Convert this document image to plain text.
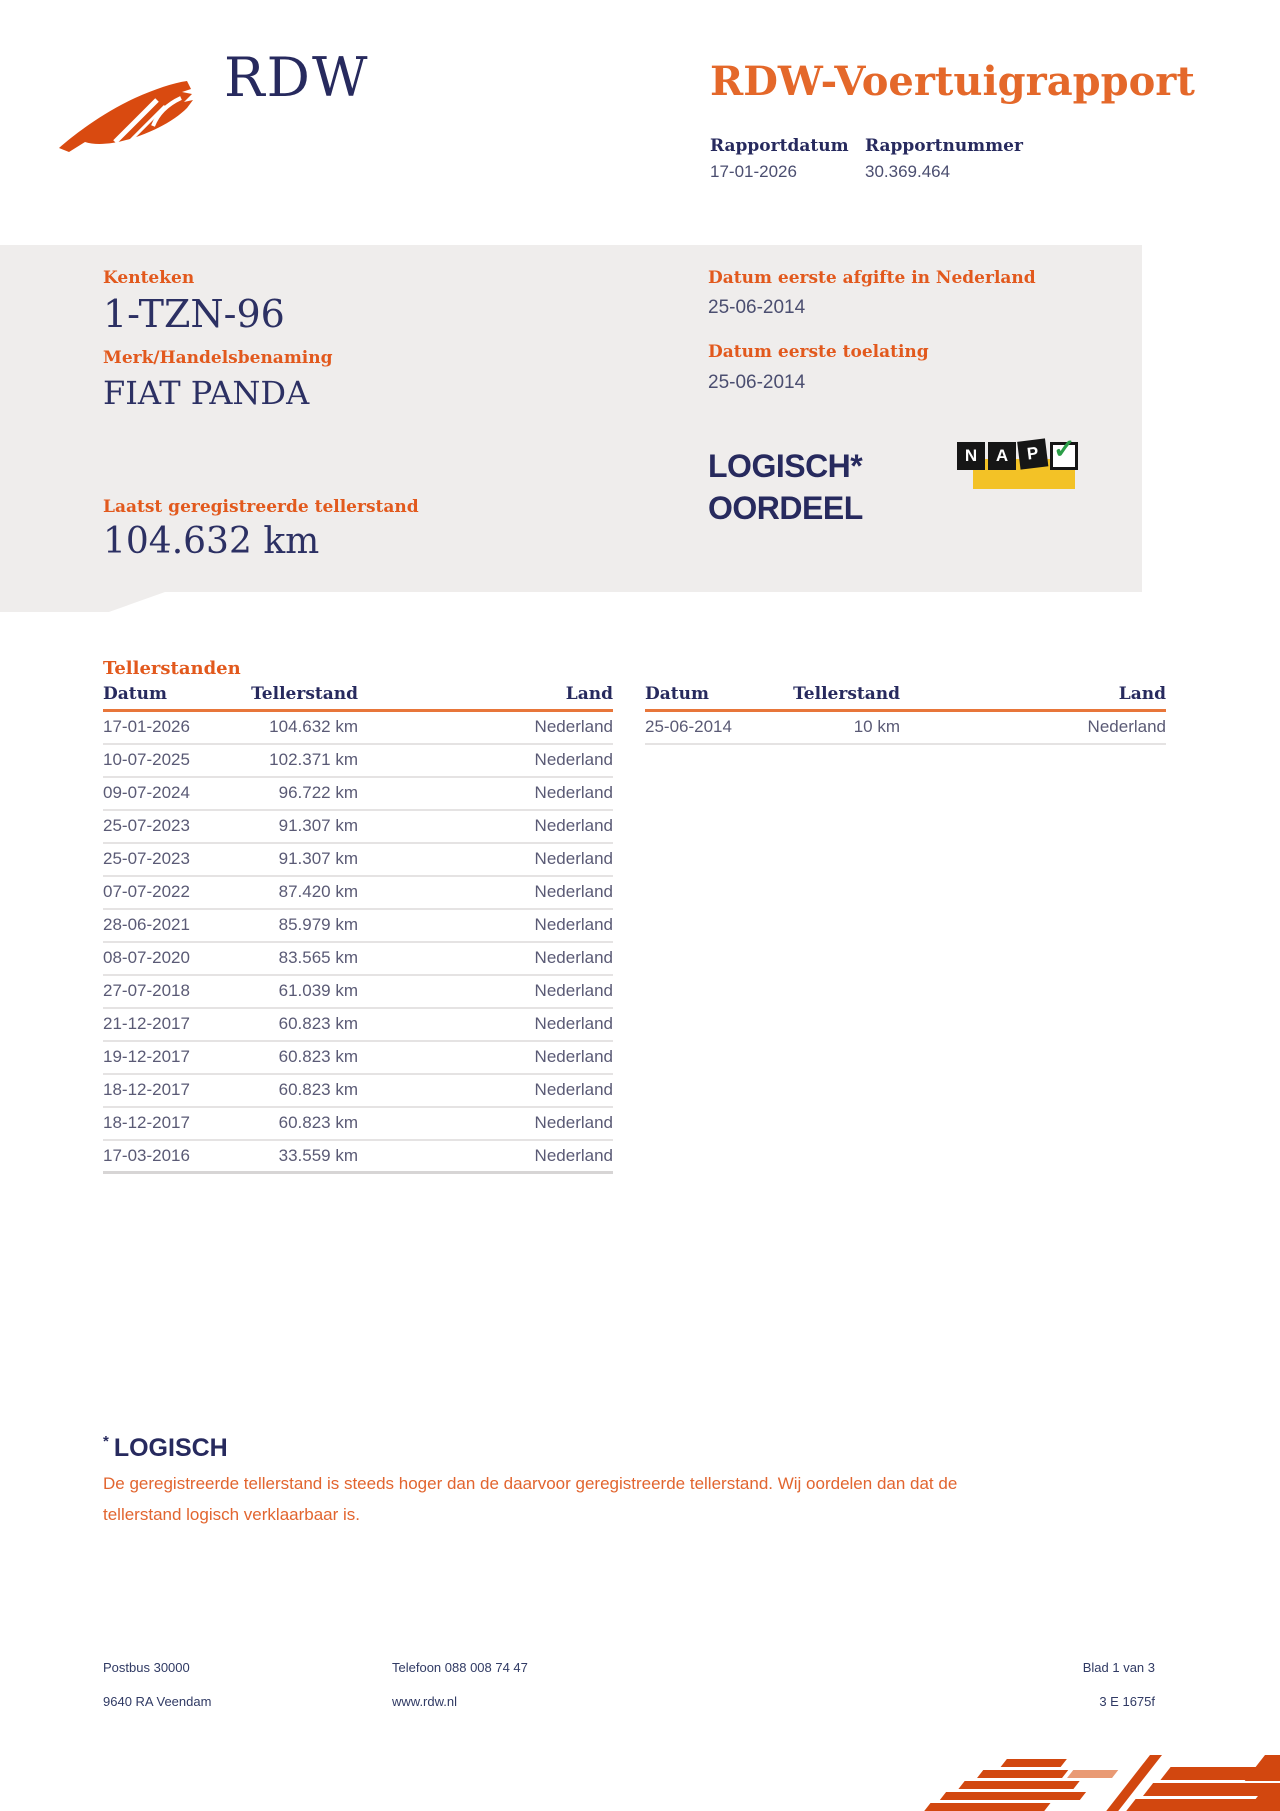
RDW	RDW-Voertuigrapport
Rapportdatum Rapportnummer
17-01-2026	30.369.464
Kenteken
1-TZN-96
Merk/Handelsbenaming
FIAT PANDA
Datum eerste afgifte in Nederland
25-06-2014
Datum eerste toelating
25-06-2014
LOGISCH*
OORDEEL
N	A	P ✓
Laatst geregistreerde tellerstand
104.632 km
Tellerstanden
Datum	Tellerstand	Land
17-01-2026	104.632 km	Nederland
10-07-2025	102.371 km	Nederland
09-07-2024	96.722 km	Nederland
25-07-2023	91.307 km	Nederland
25-07-2023	91.307 km	Nederland
07-07-2022	87.420 km	Nederland
28-06-2021	85.979 km	Nederland
08-07-2020	83.565 km	Nederland
27-07-2018	61.039 km	Nederland
21-12-2017	60.823 km	Nederland
19-12-2017	60.823 km	Nederland
18-12-2017	60.823 km	Nederland
18-12-2017	60.823 km	Nederland
17-03-2016	33.559 km	Nederland
Datum	Tellerstand	Land
25-06-2014	10 km	Nederland
* LOGISCH
De geregistreerde tellerstand is steeds hoger dan de daarvoor geregistreerde tellerstand. Wij oordelen dan dat de tellerstand logisch verklaarbaar is.
Postbus 30000
9640 RA Veendam
Telefoon 088 008 74 47
www.rdw.nl
Blad 1 van 3
3 E 1675f
